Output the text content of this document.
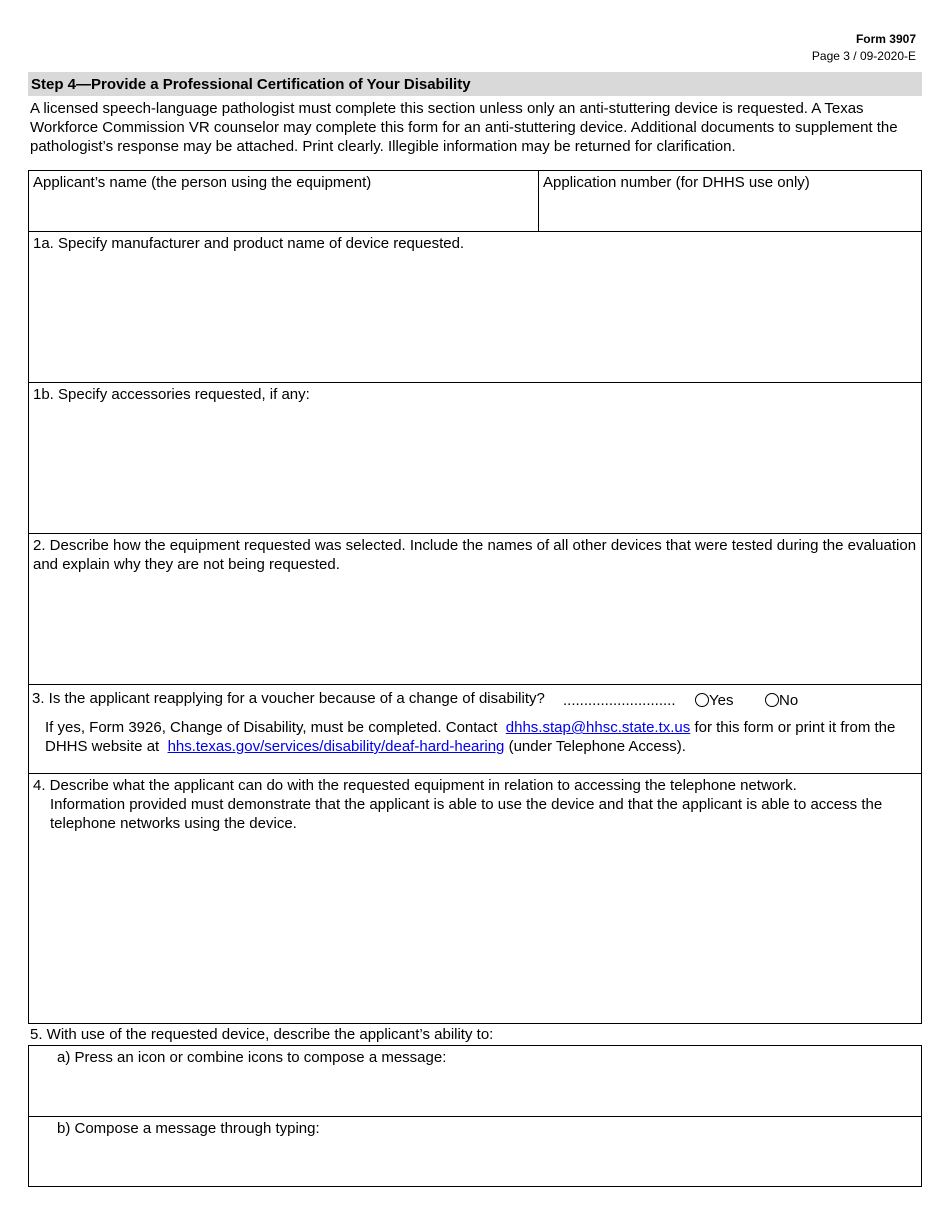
Form 3907
Page 3 / 09-2020-E
Step 4—Provide a Professional Certification of Your Disability
A licensed speech-language pathologist must complete this section unless only an anti-stuttering device is requested. A Texas Workforce Commission VR counselor may complete this form for an anti-stuttering device. Additional documents to supplement the pathologist’s response may be attached. Print clearly. Illegible information may be returned for clarification.
Applicant’s name (the person using the equipment)	Application number (for DHHS use only)
1a. Specify manufacturer and product name of device requested.
1b. Specify accessories requested, if any:
2. Describe how the equipment requested was selected. Include the names of all other devices that were tested during the evaluation and explain why they are not being requested.
3. Is the applicant reapplying for a voucher because of a change of disability? ...........................	Yes	No
If yes, Form 3926, Change of Disability, must be completed. Contact dhhs.stap@hhsc.state.tx.us for this form or print it from the DHHS website at hhs.texas.gov/services/disability/deaf-hard-hearing (under Telephone Access).
4. Describe what the applicant can do with the requested equipment in relation to accessing the telephone network.
Information provided must demonstrate that the applicant is able to use the device and that the applicant is able to access the telephone networks using the device.
5. With use of the requested device, describe the applicant’s ability to:
a) Press an icon or combine icons to compose a message:
b) Compose a message through typing:
